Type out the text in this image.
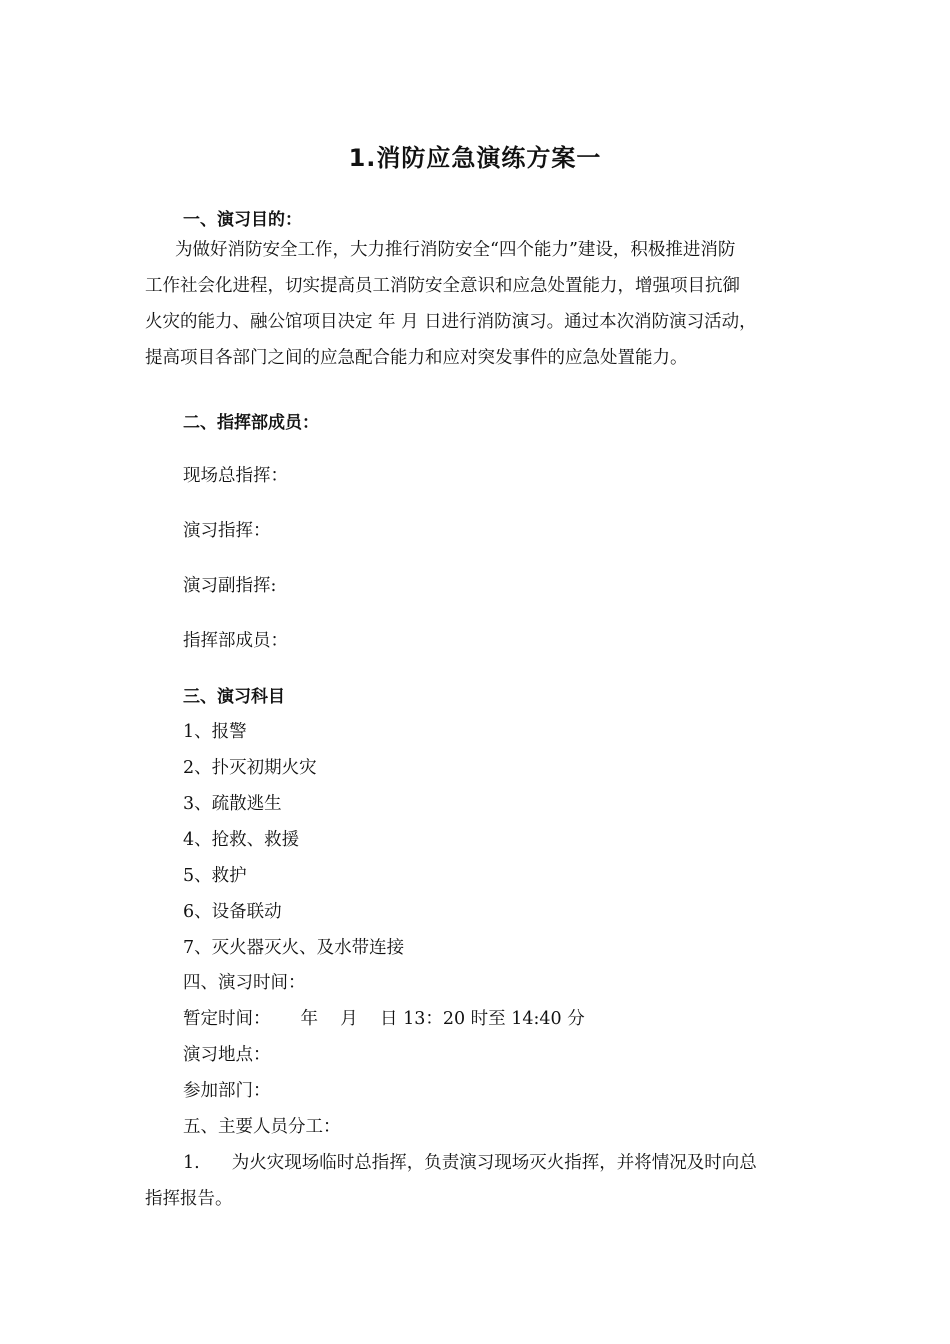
1.消防应急演练方案一
一、演习目的：
为做好消防安全工作，大力推行消防安全“四个能力”建设，积极推进消防
工作社会化进程，切实提高员工消防安全意识和应急处置能力，增强项目抗御
火灾的能力、融公馆项目决定 年 月 日进行消防演习。通过本次消防演习活动，
提高项目各部门之间的应急配合能力和应对突发事件的应急处置能力。
二、指挥部成员：
现场总指挥：
演习指挥：
演习副指挥:
指挥部成员：
三、演习科目
1、报警
2、扑灭初期火灾
3、疏散逃生
4、抢救、救援
5、救护
6、设备联动
7、灭火器灭火、及水带连接
四、演习时间：
暂定时间： 年    月    日 13：20 时至 14:40 分
演习地点：
参加部门：
五、主要人员分工：
1. 为火灾现场临时总指挥，负责演习现场灭火指挥，并将情况及时向总
指挥报告。
